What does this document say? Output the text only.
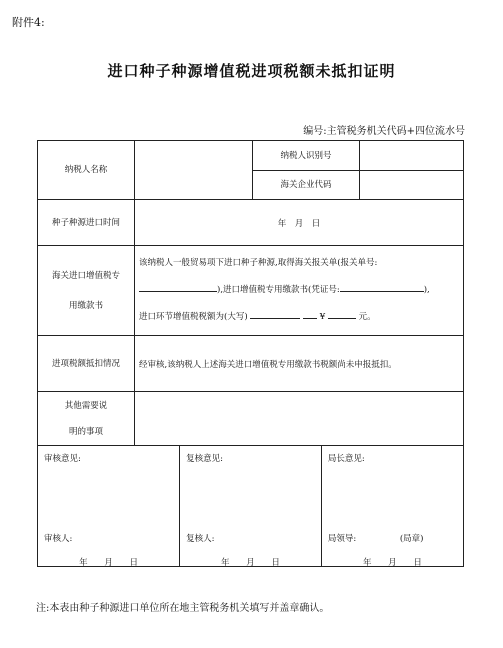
附件4:
进口种子种源增值税进项税额未抵扣证明
编号:主管税务机关代码+四位流水号
纳税人名称		纳税人识别号	
海关企业代码	
种子种源进口时间	年　月　日

海关进口增值税专
用缴款书

该纳税人一般贸易项下进口种子种源,取得海关报关单(报关单号:
),进口增值税专用缴款书(凭证号:	),
进口环节增值税税额为(大写)	¥	元。

进项税额抵扣情况	经审核,该纳税人上述海关进口增值税专用缴款书税额尚未申报抵扣。

其他需要说
明的事项

审核意见:
审核人:
年 月 日

复核意见:
复核人:
年 月 日

局长意见:
局领导:	(局章)
年 月 日
注:本表由种子种源进口单位所在地主管税务机关填写并盖章确认。
